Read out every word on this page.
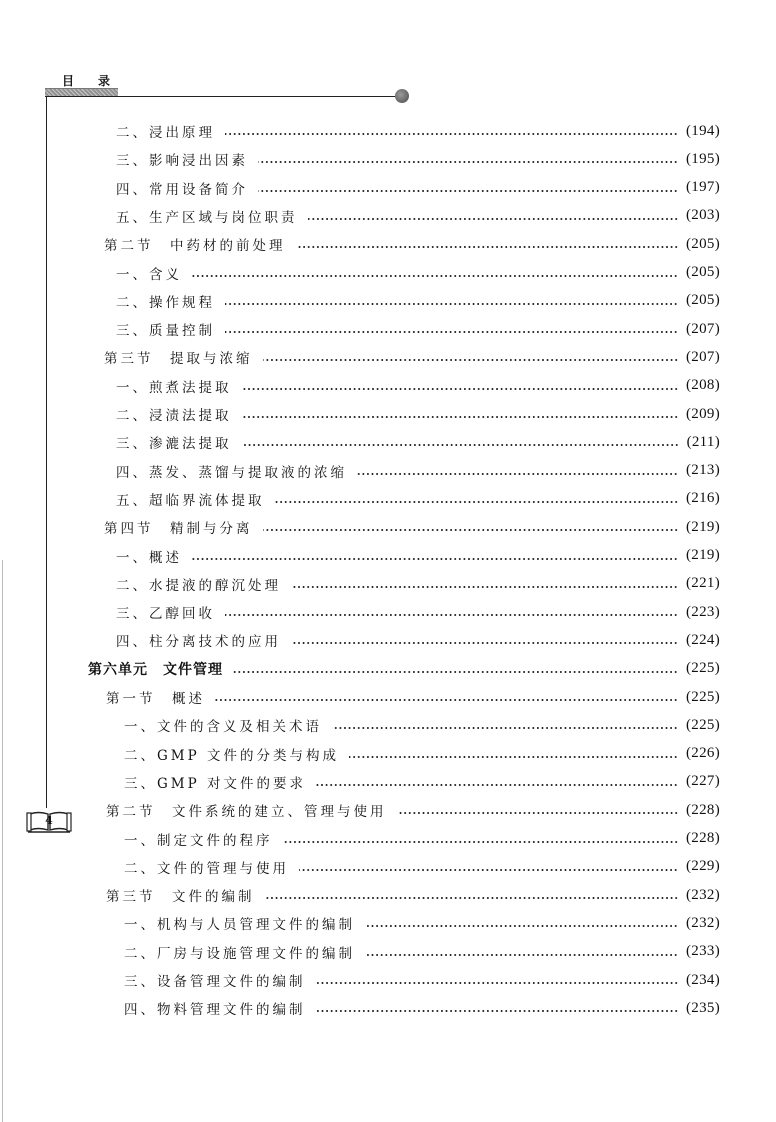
目录
4
二、浸出原理	(194)
三、影响浸出因素	(195)
四、常用设备简介	(197)
五、生产区域与岗位职责	(203)
第二节　中药材的前处理	(205)
一、含义	(205)
二、操作规程	(205)
三、质量控制	(207)
第三节　提取与浓缩	(207)
一、煎煮法提取	(208)
二、浸渍法提取	(209)
三、渗漉法提取	(211)
四、蒸发、蒸馏与提取液的浓缩	(213)
五、超临界流体提取	(216)
第四节　精制与分离	(219)
一、概述	(219)
二、水提液的醇沉处理	(221)
三、乙醇回收	(223)
四、柱分离技术的应用	(224)
第六单元　文件管理	(225)
第一节　概述	(225)
一、文件的含义及相关术语	(225)
二、GMP 文件的分类与构成	(226)
三、GMP 对文件的要求	(227)
第二节　文件系统的建立、管理与使用	(228)
一、制定文件的程序	(228)
二、文件的管理与使用	(229)
第三节　文件的编制	(232)
一、机构与人员管理文件的编制	(232)
二、厂房与设施管理文件的编制	(233)
三、设备管理文件的编制	(234)
四、物料管理文件的编制	(235)
